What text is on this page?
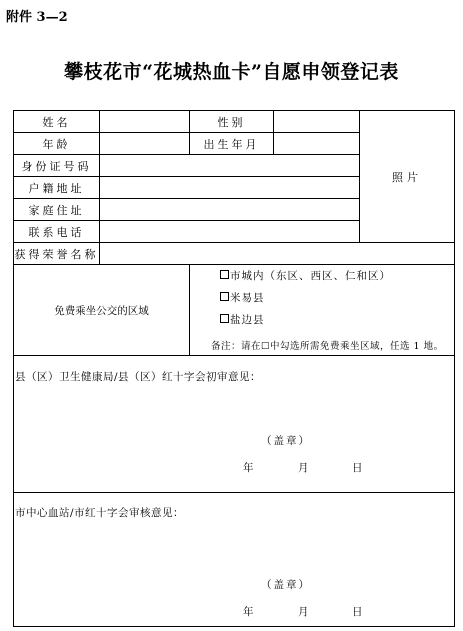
附件 3—2
攀枝花市“花城热血卡”自愿申领登记表
姓名		性别		照片
年龄		出生年月		
身份证号码				
户籍地址				
家庭住址				
联系电话				
获得荣誉名称				
免费乘坐公交的区域		市城内（东区、西区、仁和区）
米易县
盐边县
备注：请在☐中勾选所需免费乘坐区域，任选 1 地。		

县（区）卫生健康局/县（区）红十字会初审意见：
（盖章）
年 月 日				

市中心血站/市红十字会审核意见：
（盖章）
年 月 日				
